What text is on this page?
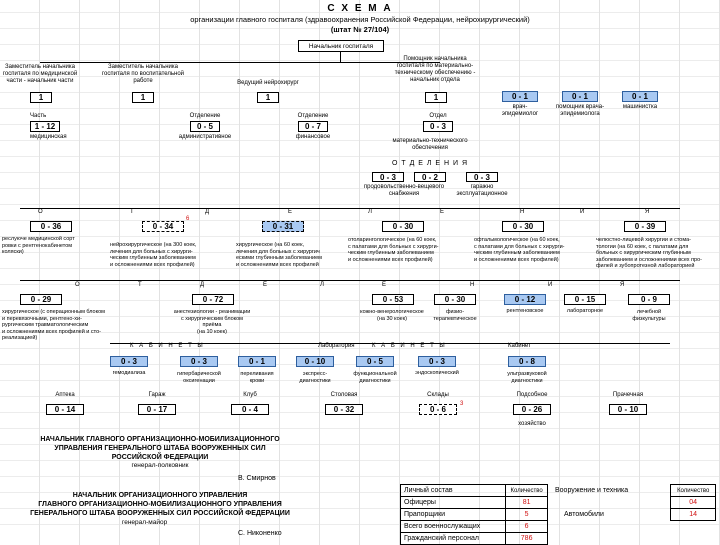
С Х Е М А
организации главного госпиталя (здравоохранения Российской Федерации, нейрохирургический)
(штат № 27/104)
Начальник госпиталя
Заместитель начальника
госпиталя по медицинской
части - начальник части
Заместитель начальника
госпиталя по воспитательной
работе	Ведущий нейрохирург
Помощник начальника
госпиталя по материально-
техническому обеспечению -
начальник отдела
1	1	1	1	0 - 1	0 - 1	0 - 1
врач-
эпидемиолог
помощник врача-
эпидемиолога
машинистка
Часть
1 - 12
медицинская
Отделение
0 - 5
административное
Отделение
0 - 7
финансовое
Отдел
0 - 3
материально-технического
обеспечения
О Т Д Е Л Е Н И Я
0 - 3	0 - 2	0 - 3
продовольственно-вещевого
снабжения
гаражно
эксплуатационное
О	Т	Д	Е	Л	Е	Н	И	Я
0 - 36	0 - 34
6
0 - 31	0 - 30	0 - 30	0 - 39
реслуюче медицинской сорт
ровки с рентгенокабинетом
коляски)
нейрохирургическое (на 300 коек,
лечения для больных с хирурги-
ческим глубинным заболеванием
и осложнениями всех профилей)
хирургическое (на 60 коек,
лечения для больных с хирургич
ескими глубинным заболеванием
и осложнениями всех профилей
отоларингологическое (на 60 коек,
с палатами для больных с хирурги-
ческим глубинным заболеванием
и осложнениями всех профилей)
офтальмологическое (на 60 коек,
с палатами для больных с хирурги-
ческим глубинным заболеванием
и осложнениями всех профилей)
челюстно-лицевой хирургии и стома-
тологии (на 60 коек, с палатами для
больных с хирургическим глубинным
заболеванием и осложнениями всех про-
филей и зубопротезной лабораторией
О	Т	Д	Е	Л	Е	Н	И	Я
0 - 29	0 - 72	0 - 53	0 - 30	0 - 12	0 - 15	0 - 9
хирургическое (с операционным блоком
и перевязочными, рентгено-хи-
рургическим травматологическим
и осложнениями всех профилей и сто-
реализацией)
анестезиологии - реанимации
с хирургическим блоком
приёма
(на 10 коек)
кожно-венерологическое
(на 30 коек)
физио-
терапевтическое
рентгеновское	лабораторное	лечебной
физкультуры
К А Б И Н Е Т Ы	Лаборатория	К А Б И Н Е Т Ы	Кабинет
0 - 3	0 - 3	0 - 1	0 - 10	0 - 5	0 - 3	0 - 8
гемодиализа	гипербарической
оксигенации
переливания
крови
экспресс-
диагностики
функциональной
диагностики
эндоскопический	ультразвуковой
диагностики
Аптека	Гараж	Клуб	Столовая	Склады	Подсобное	Прачечная
0 - 14	0 - 17	0 - 4	0 - 32	0 - 6
3
0 - 26	0 - 10
хозяйство
НАЧАЛЬНИК ГЛАВНОГО ОРГАНИЗАЦИОННО-МОБИЛИЗАЦИОННОГО
УПРАВЛЕНИЯ ГЕНЕРАЛЬНОГО ШТАБА ВООРУЖЕННЫХ СИЛ
РОССИЙСКОЙ ФЕДЕРАЦИИ
генерал-полковник
В. Смирнов
НАЧАЛЬНИК ОРГАНИЗАЦИОННОГО УПРАВЛЕНИЯ
ГЛАВНОГО ОРГАНИЗАЦИОННО-МОБИЛИЗАЦИОННОГО УПРАВЛЕНИЯ
ГЕНЕРАЛЬНОГО ШТАБА ВООРУЖЕННЫХ СИЛ РОССИЙСКОЙ ФЕДЕРАЦИИ
генерал-майор
С. Никоненко
Личный состав	Количество
Офицеры	81
Прапорщики	5
Всего военнослужащих	6
Гражданский персонал	786
Вооружение и техника	Количество
	04
Автомобили	14
